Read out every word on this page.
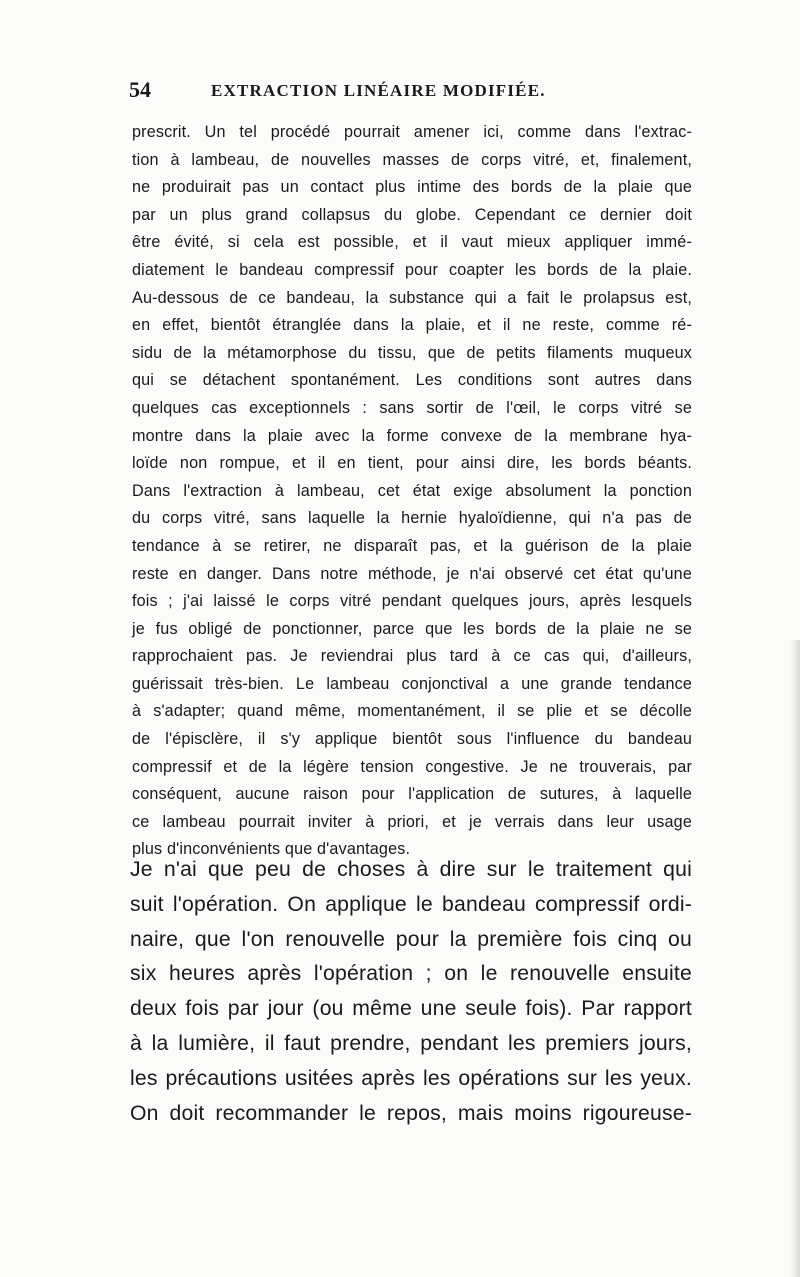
54	EXTRACTION LINÉAIRE MODIFIÉE.
prescrit. Un tel procédé pourrait amener ici, comme dans l'extrac-
tion à lambeau, de nouvelles masses de corps vitré, et, finalement,
ne produirait pas un contact plus intime des bords de la plaie que
par un plus grand collapsus du globe. Cependant ce dernier doit
être évité, si cela est possible, et il vaut mieux appliquer immé-
diatement le bandeau compressif pour coapter les bords de la plaie.
Au-dessous de ce bandeau, la substance qui a fait le prolapsus est,
en effet, bientôt étranglée dans la plaie, et il ne reste, comme ré-
sidu de la métamorphose du tissu, que de petits filaments muqueux
qui se détachent spontanément. Les conditions sont autres dans
quelques cas exceptionnels : sans sortir de l'œil, le corps vitré se
montre dans la plaie avec la forme convexe de la membrane hya-
loïde non rompue, et il en tient, pour ainsi dire, les bords béants.
Dans l'extraction à lambeau, cet état exige absolument la ponction
du corps vitré, sans laquelle la hernie hyaloïdienne, qui n'a pas de
tendance à se retirer, ne disparaît pas, et la guérison de la plaie
reste en danger. Dans notre méthode, je n'ai observé cet état qu'une
fois ; j'ai laissé le corps vitré pendant quelques jours, après lesquels
je fus obligé de ponctionner, parce que les bords de la plaie ne se
rapprochaient pas. Je reviendrai plus tard à ce cas qui, d'ailleurs,
guérissait très-bien. Le lambeau conjonctival a une grande tendance
à s'adapter; quand même, momentanément, il se plie et se décolle
de l'épisclère, il s'y applique bientôt sous l'influence du bandeau
compressif et de la légère tension congestive. Je ne trouverais, par
conséquent, aucune raison pour l'application de sutures, à laquelle
ce lambeau pourrait inviter à priori, et je verrais dans leur usage
plus d'inconvénients que d'avantages.
Je n'ai que peu de choses à dire sur le traitement qui
suit l'opération. On applique le bandeau compressif ordi-
naire, que l'on renouvelle pour la première fois cinq ou
six heures après l'opération ; on le renouvelle ensuite
deux fois par jour (ou même une seule fois). Par rapport
à la lumière, il faut prendre, pendant les premiers jours,
les précautions usitées après les opérations sur les yeux.
On doit recommander le repos, mais moins rigoureuse-
